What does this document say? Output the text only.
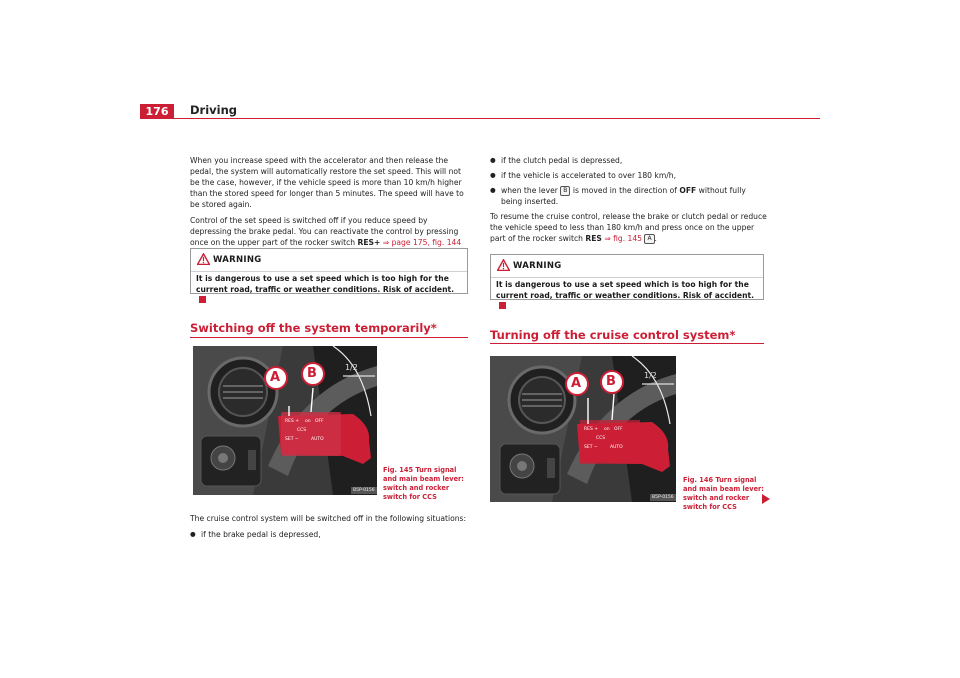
176	Driving

When you increase speed with the accelerator and then release the pedal, the system will automatically restore the set speed. This will not be the case, however, if the vehicle speed is more than 10 km/h higher than the stored speed for longer than 5 minutes. The speed will have to be stored again.

Control of the set speed is switched off if you reduce speed by depressing the brake pedal. You can reactivate the control by pressing once on the upper part of the rocker switch RES+ ⇒ page 175, fig. 144

WARNING
It is dangerous to use a set speed which is too high for the current road, traffic or weather conditions. Risk of accident.
Switching off the system temporarily*
1/2
RES + on OFF
CCS
SET −	AUTO
A B
B5P-0156
Fig. 145 Turn signal and main beam lever: switch and rocker switch for CCS

The cruise control system will be switched off in the following situations:

● if the brake pedal is depressed,
● if the clutch pedal is depressed,
● if the vehicle is accelerated to over 180 km/h,
● when the lever B is moved in the direction of OFF without fully being inserted.

To resume the cruise control, release the brake or clutch pedal or reduce the vehicle speed to less than 180 km/h and press once on the upper part of the rocker switch RES ⇒ fig. 145 A .

WARNING
It is dangerous to use a set speed which is too high for the current road, traffic or weather conditions. Risk of accident.
Turning off the cruise control system*
1/2
RES + on OFF
CCS
SET −	AUTO
A B
B5P-0156
Fig. 146 Turn signal and main beam lever: switch and rocker switch for CCS
